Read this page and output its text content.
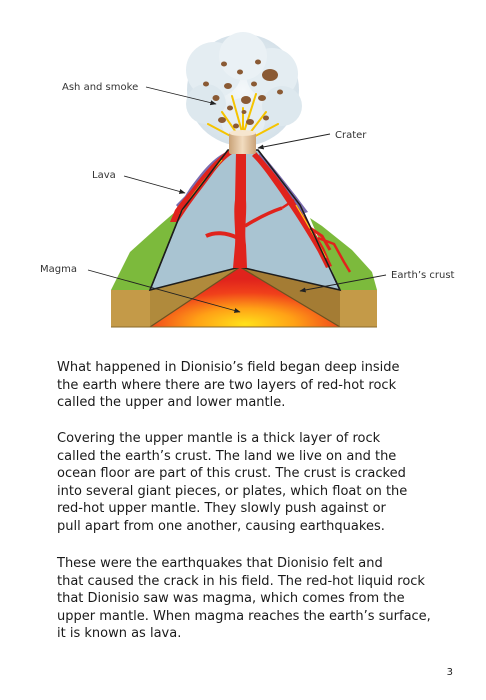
Ash and smoke
Crater
Lava
Magma
Earth’s crust

What happened in Dionisio’s field began deep inside
the earth where there are two layers of red-hot rock
called the upper and lower mantle.

Covering the upper mantle is a thick layer of rock
called the earth’s crust. The land we live on and the
ocean floor are part of this crust. The crust is cracked
into several giant pieces, or plates, which float on the
red-hot upper mantle. They slowly push against or
pull apart from one another, causing earthquakes.

These were the earthquakes that Dionisio felt and
that caused the crack in his field. The red-hot liquid rock
that Dionisio saw was magma, which comes from the
upper mantle. When magma reaches the earth’s surface,
it is known as lava.

3
